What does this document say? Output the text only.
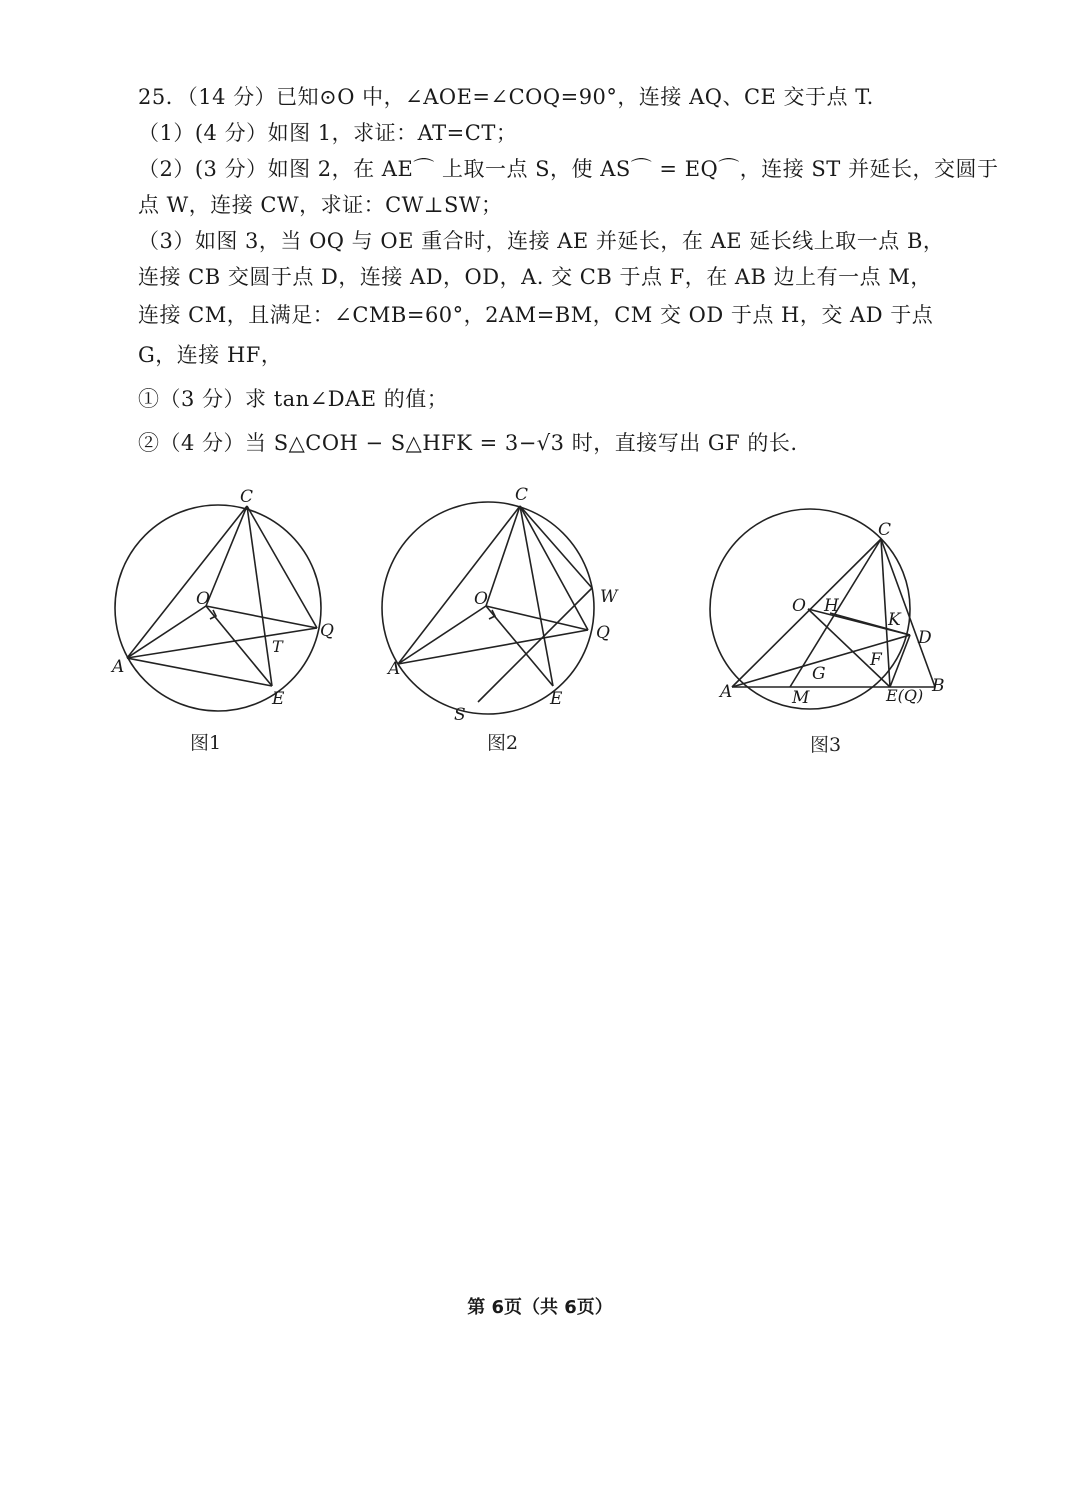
25．（14 分）已知⊙O 中，∠AOE=∠COQ=90°，连接 AQ、CE 交于点 T.
（1）(4 分）如图 1，求证：AT=CT；
（2）(3 分）如图 2，在 AE⌒ 上取一点 S，使 AS⌒ = EQ⌒，连接 ST 并延长，交圆于
点 W，连接 CW，求证：CW⊥SW；
（3）如图 3，当 OQ 与 OE 重合时，连接 AE 并延长，在 AE 延长线上取一点 B，
连接 CB 交圆于点 D，连接 AD，OD，A. 交 CB 于点 F，在 AB 边上有一点 M，
连接 CM，且满足：∠CMB=60°，2AM=BM，CM 交 OD 于点 H，交 AD 于点
G，连接 HF，
①（3 分）求 tan∠DAE 的值；
②（4 分）当 S△COH − S△HFK = 3−√3 时，直接写出 GF 的长.
C
O
Q
T
A
E
图1
C
O	W
Q
A
E
S
图2
C
O H
K
D
F
G
A	M	E(Q) B
图3
第 6页（共 6页）
